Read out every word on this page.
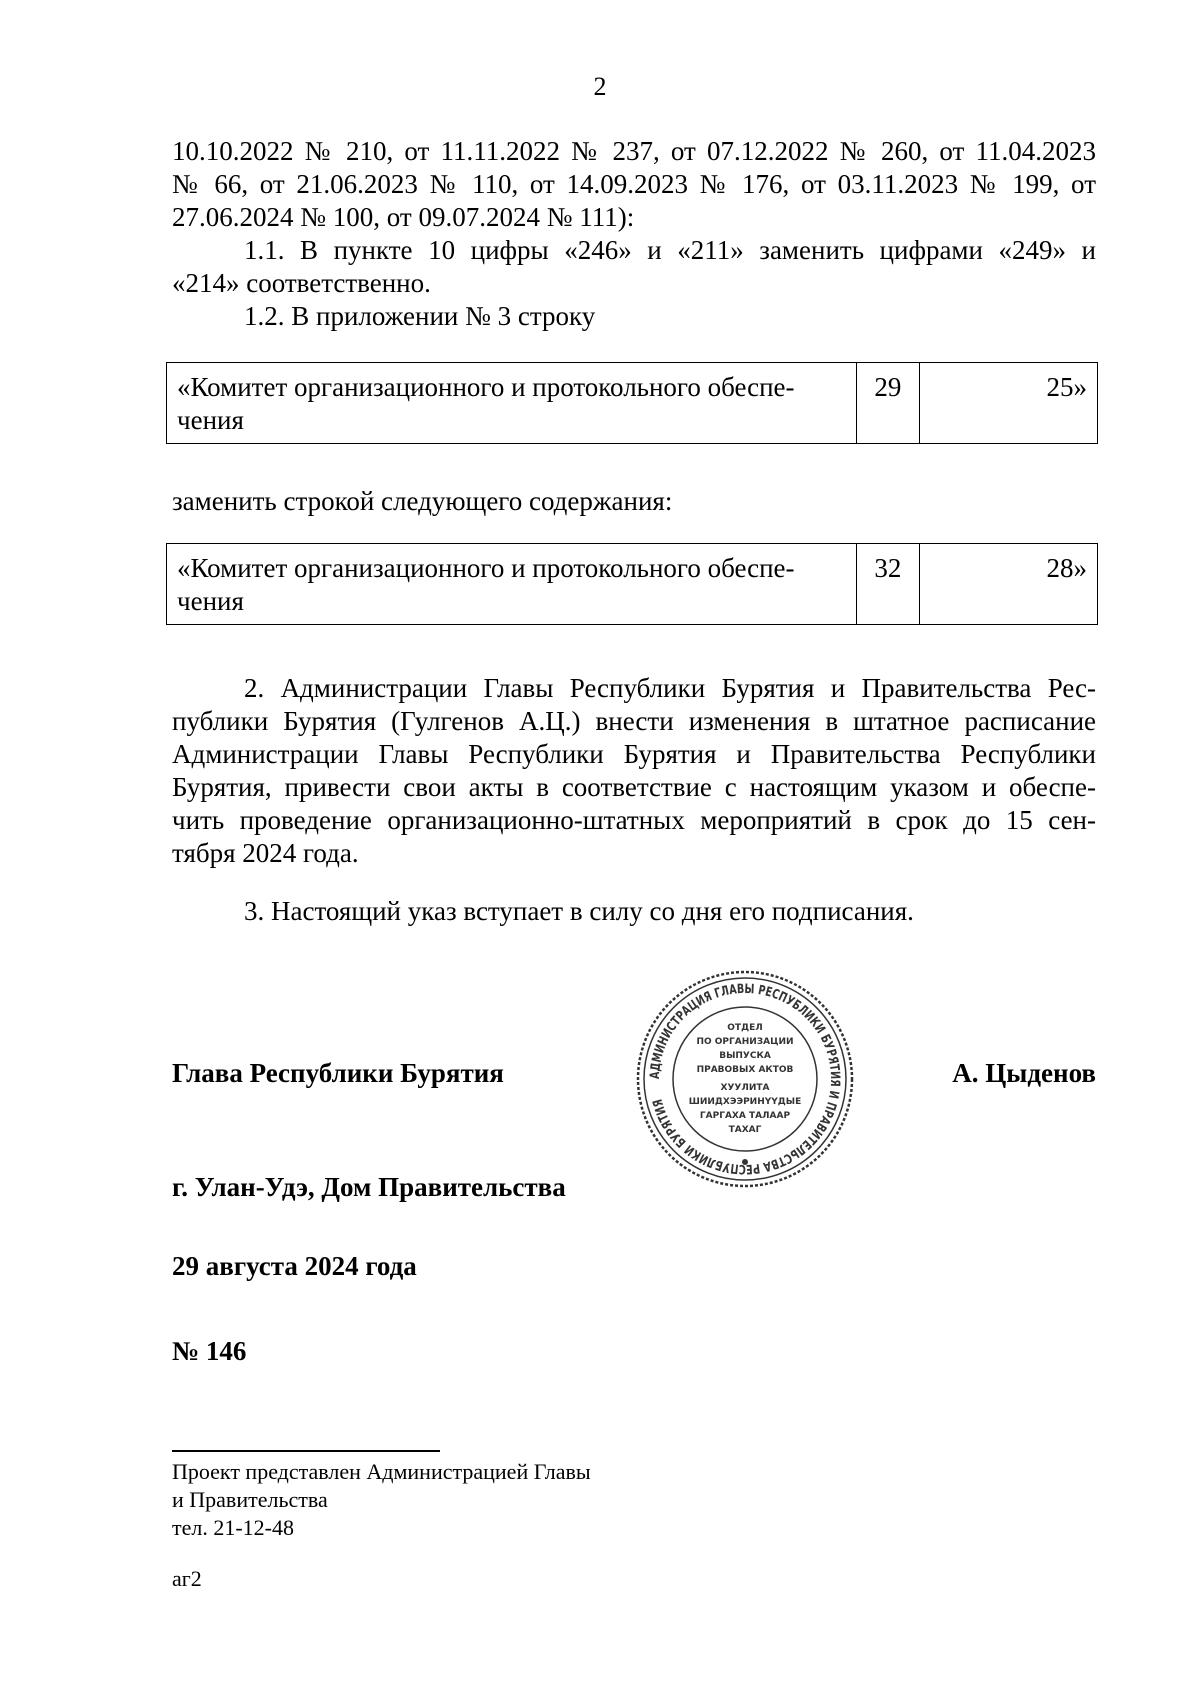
2
10.10.2022 № 210, от 11.11.2022 № 237, от 07.12.2022 № 260, от 11.04.2023
№ 66, от 21.06.2023 № 110, от 14.09.2023 № 176, от 03.11.2023 № 199, от
27.06.2024 № 100, от 09.07.2024 № 111):
1.1. В пункте 10 цифры «246» и «211» заменить цифрами «249» и
«214» соответственно.
1.2. В приложении № 3 строку
«Комитет организационного и протокольного обеспе-
чения
	29	25»
заменить строкой следующего содержания:
«Комитет организационного и протокольного обеспе-
чения
	32	28»
2. Администрации Главы Республики Бурятия и Правительства Рес-
публики Бурятия (Гулгенов А.Ц.) внести изменения в штатное расписание
Администрации Главы Республики Бурятия и Правительства Республики
Бурятия, привести свои акты в соответствие с настоящим указом и обеспе-
чить проведение организационно-штатных мероприятий в срок до 15 сен-
тября 2024 года.
3. Настоящий указ вступает в силу со дня его подписания.
Глава Республики Бурятия	А. Цыденов
АДМИНИСТРАЦИЯ ГЛАВЫ РЕСПУБЛИКИ БУРЯТИЯ И ПРАВИТЕЛЬСТВА РЕСПУБЛИКИ БУРЯТИЯ
ОТДЕЛ
ПО ОРГАНИЗАЦИИ
ВЫПУСКА
ПРАВОВЫХ АКТОВ
ХУУЛИТА
ШИИДХЭЭРИНҮҮДЫЕ
ГАРГАХА ТАЛААР
ТАХАГ
г. Улан-Удэ, Дом Правительства
29 августа 2024 года
№ 146
Проект представлен Администрацией Главы
и Правительства
тел. 21-12-48
аг2
